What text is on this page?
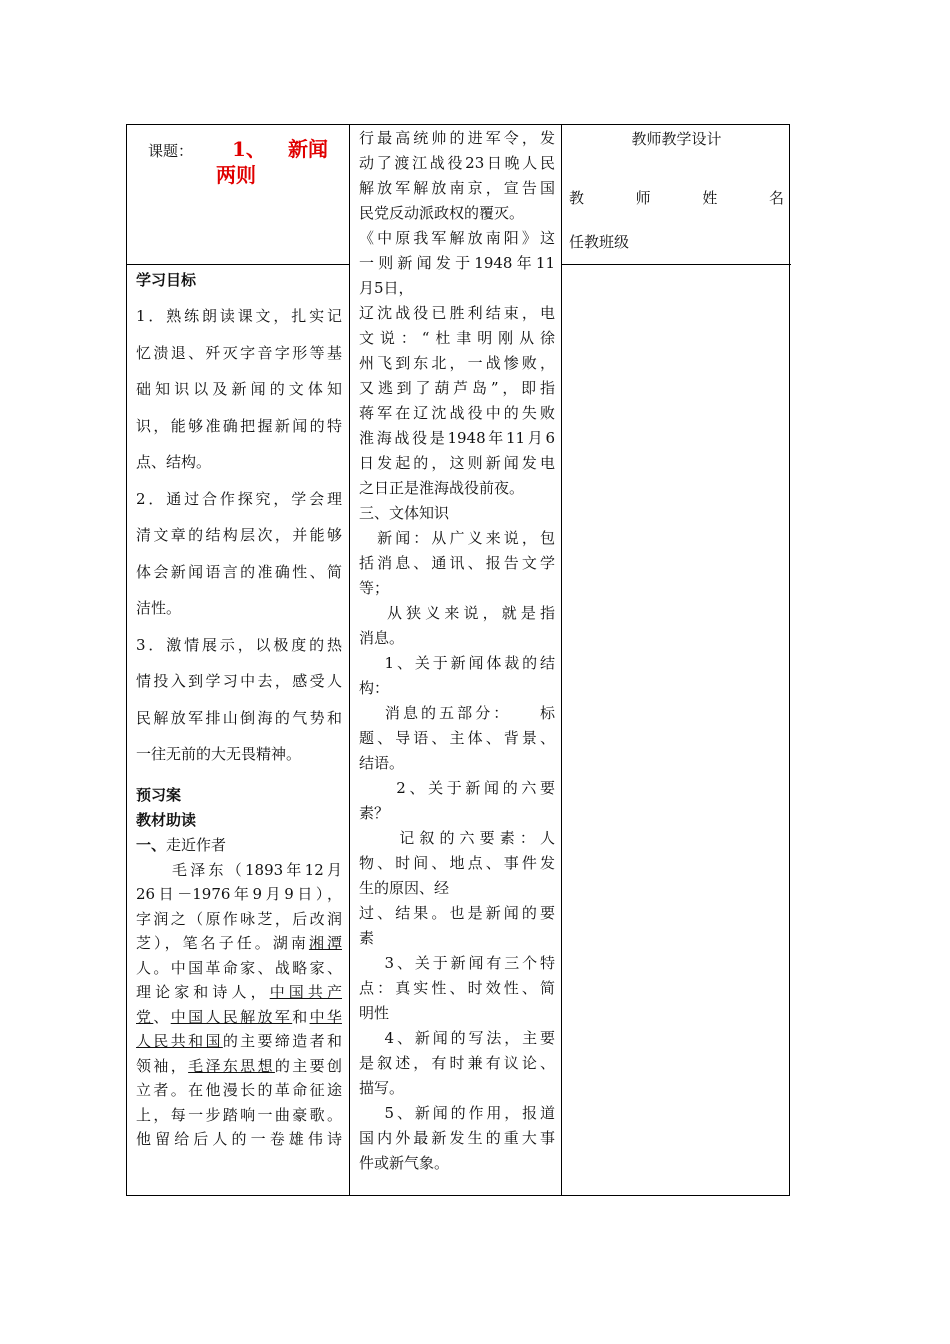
课题： 1、 新闻
两则
学习目标

1．熟练朗读课文，扎实记

忆溃退、歼灭字音字形等基

础知识以及新闻的文体知

识，能够准确把握新闻的特

点、结构。

2．通过合作探究，学会理

清文章的结构层次，并能够

体会新闻语言的准确性、简

洁性。

3．激情展示，以极度的热

情投入到学习中去，感受人

民解放军排山倒海的气势和

一往无前的大无畏精神。

预习案
教材助读
一、走近作者

毛泽东（1893年12月

26日－1976年9月9日），

字润之（原作咏芝，后改润

芝），笔名子任。湖南湘潭

人。中国革命家、战略家、

理论家和诗人，中国共产

党、中国人民解放军和中华

人民共和国的主要缔造者和

领袖，毛泽东思想的主要创

立者。在他漫长的革命征途

上，每一步踏响一曲豪歌。

他留给后人的一卷雄伟诗

行最高统帅的进军令，发

动了渡江战役23日晚人民

解放军解放南京，宣告国

民党反动派政权的覆灭。

《中原我军解放南阳》这

一则新闻发于1948年11

月5日，

辽沈战役已胜利结束，电

文说：“杜聿明刚从徐

州飞到东北，一战惨败，

又逃到了葫芦岛”，即指

蒋军在辽沈战役中的失败

淮海战役是1948年11月6

日发起的，这则新闻发电

之日正是淮海战役前夜。

三、文体知识

　新闻：从广义来说，包

括消息、通讯、报告文学

等；

　 从狭义来说，就是指

消息。

　 1、关于新闻体裁的结

构：

　 消息的五部分：　　标

题、导语、主体、背景、

结语。

　　2、关于新闻的六要

素？

　　记叙的六要素：人

物、时间、地点、事件发

生的原因、经

过、结果。也是新闻的要

素

　 3、关于新闻有三个特

点：真实性、时效性、简

明性

　 4、新闻的写法，主要

是叙述，有时兼有议论、

描写。

　 5、新闻的作用，报道

国内外最新发生的重大事

件或新气象。

教师教学设计
教	师	姓	名
任教班级
